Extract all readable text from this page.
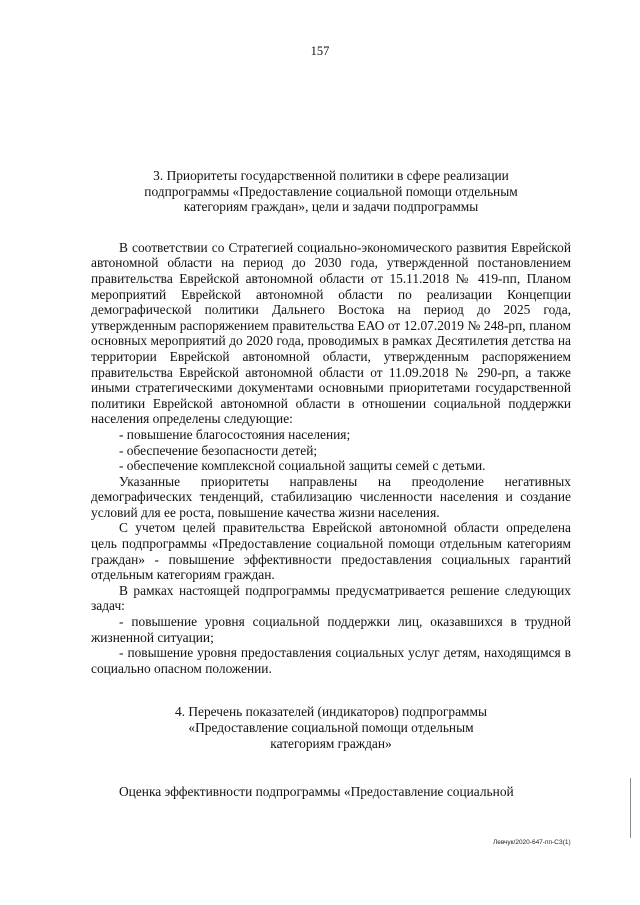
157
3. Приоритеты государственной политики в сфере реализации
подпрограммы «Предоставление социальной помощи отдельным
категориям граждан», цели и задачи подпрограммы

В соответствии со Стратегией социально-экономического развития Еврейской автономной области на период до 2030 года, утвержденной постановлением правительства Еврейской автономной области от 15.11.2018 № 419-пп, Планом мероприятий Еврейской автономной области по реализации Концепции демографической политики Дальнего Востока на период до 2025 года, утвержденным распоряжением правительства ЕАО от 12.07.2019 № 248-рп, планом основных мероприятий до 2020 года, проводимых в рамках Десятилетия детства на территории Еврейской автономной области, утвержденным распоряжением правительства Еврейской автономной области от 11.09.2018 № 290-рп, а также иными стратегическими документами основными приоритетами государственной политики Еврейской автономной области в отношении социальной поддержки населения определены следующие:

- повышение благосостояния населения;

- обеспечение безопасности детей;

- обеспечение комплексной социальной защиты семей с детьми.

Указанные приоритеты направлены на преодоление негативных демографических тенденций, стабилизацию численности населения и создание условий для ее роста, повышение качества жизни населения.

С учетом целей правительства Еврейской автономной области определена цель подпрограммы «Предоставление социальной помощи отдельным категориям граждан» - повышение эффективности предоставления социальных гарантий отдельным категориям граждан.

В рамках настоящей подпрограммы предусматривается решение следующих задач:

- повышение уровня социальной поддержки лиц, оказавшихся в трудной жизненной ситуации;

- повышение уровня предоставления социальных услуг детям, находящимся в социально опасном положении.

4. Перечень показателей (индикаторов) подпрограммы
«Предоставление социальной помощи отдельным
категориям граждан»

Оценка эффективности подпрограммы «Предоставление социальной

Левчук/2020-647-пп-СЗ(1)
